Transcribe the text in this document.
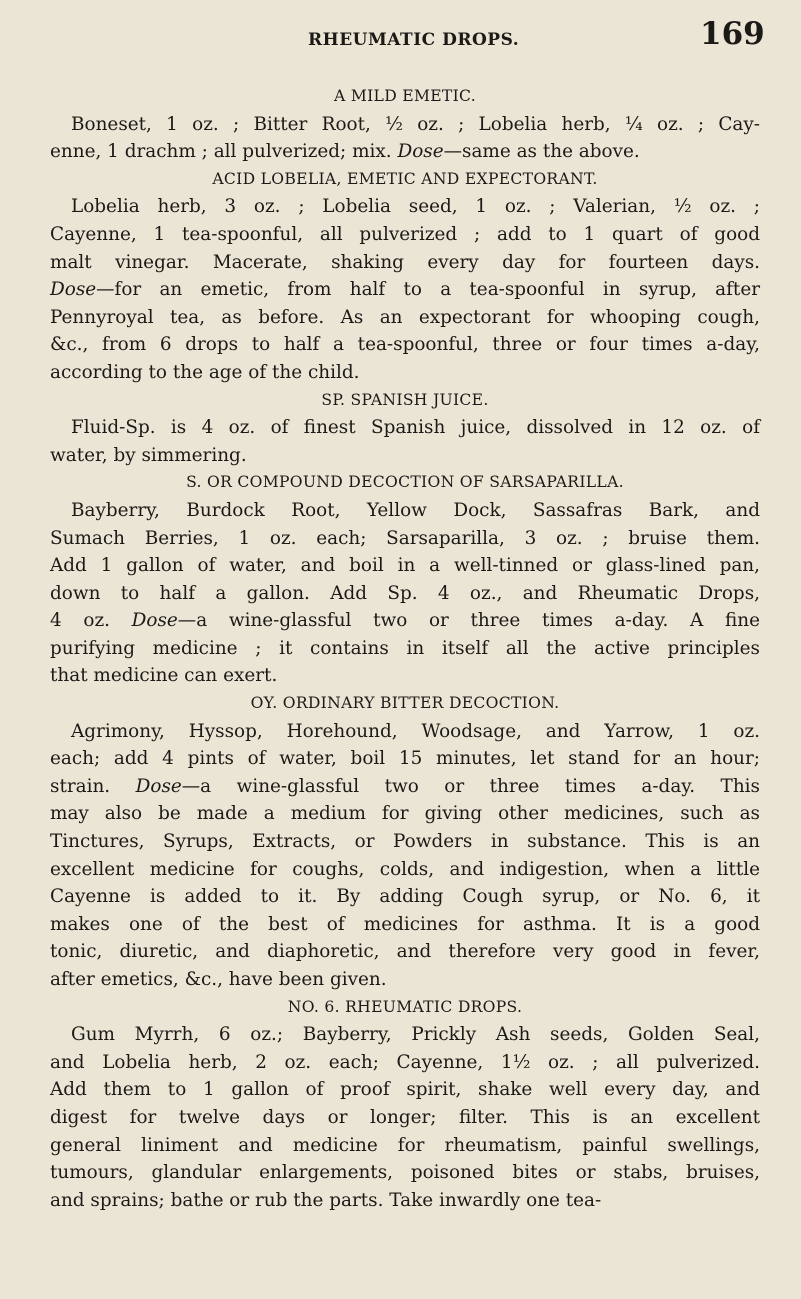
RHEUMATIC DROPS.	169
A MILD EMETIC.
Boneset, 1 oz. ; Bitter Root, ½ oz. ; Lobelia herb, ¼ oz. ; Cay-
enne, 1 drachm ; all pulverized; mix. Dose—same as the above.
ACID LOBELIA, EMETIC AND EXPECTORANT.
Lobelia herb, 3 oz. ; Lobelia seed, 1 oz. ; Valerian, ½ oz. ;
Cayenne, 1 tea-spoonful, all pulverized ; add to 1 quart of good
malt vinegar. Macerate, shaking every day for fourteen days.
Dose—for an emetic, from half to a tea-spoonful in syrup, after
Pennyroyal tea, as before. As an expectorant for whooping cough,
&c., from 6 drops to half a tea-spoonful, three or four times a-day,
according to the age of the child.
SP. SPANISH JUICE.
Fluid-Sp. is 4 oz. of finest Spanish juice, dissolved in 12 oz. of
water, by simmering.
S. OR COMPOUND DECOCTION OF SARSAPARILLA.
Bayberry, Burdock Root, Yellow Dock, Sassafras Bark, and
Sumach Berries, 1 oz. each; Sarsaparilla, 3 oz. ; bruise them.
Add 1 gallon of water, and boil in a well-tinned or glass-lined pan,
down to half a gallon. Add Sp. 4 oz., and Rheumatic Drops,
4 oz. Dose—a wine-glassful two or three times a-day. A fine
purifying medicine ; it contains in itself all the active principles
that medicine can exert.
OY. ORDINARY BITTER DECOCTION.
Agrimony, Hyssop, Horehound, Woodsage, and Yarrow, 1 oz.
each; add 4 pints of water, boil 15 minutes, let stand for an hour;
strain. Dose—a wine-glassful two or three times a-day. This
may also be made a medium for giving other medicines, such as
Tinctures, Syrups, Extracts, or Powders in substance. This is an
excellent medicine for coughs, colds, and indigestion, when a little
Cayenne is added to it. By adding Cough syrup, or No. 6, it
makes one of the best of medicines for asthma. It is a good
tonic, diuretic, and diaphoretic, and therefore very good in fever,
after emetics, &c., have been given.
NO. 6. RHEUMATIC DROPS.
Gum Myrrh, 6 oz.; Bayberry, Prickly Ash seeds, Golden Seal,
and Lobelia herb, 2 oz. each; Cayenne, 1½ oz. ; all pulverized.
Add them to 1 gallon of proof spirit, shake well every day, and
digest for twelve days or longer; filter. This is an excellent
general liniment and medicine for rheumatism, painful swellings,
tumours, glandular enlargements, poisoned bites or stabs, bruises,
and sprains; bathe or rub the parts. Take inwardly one tea-
